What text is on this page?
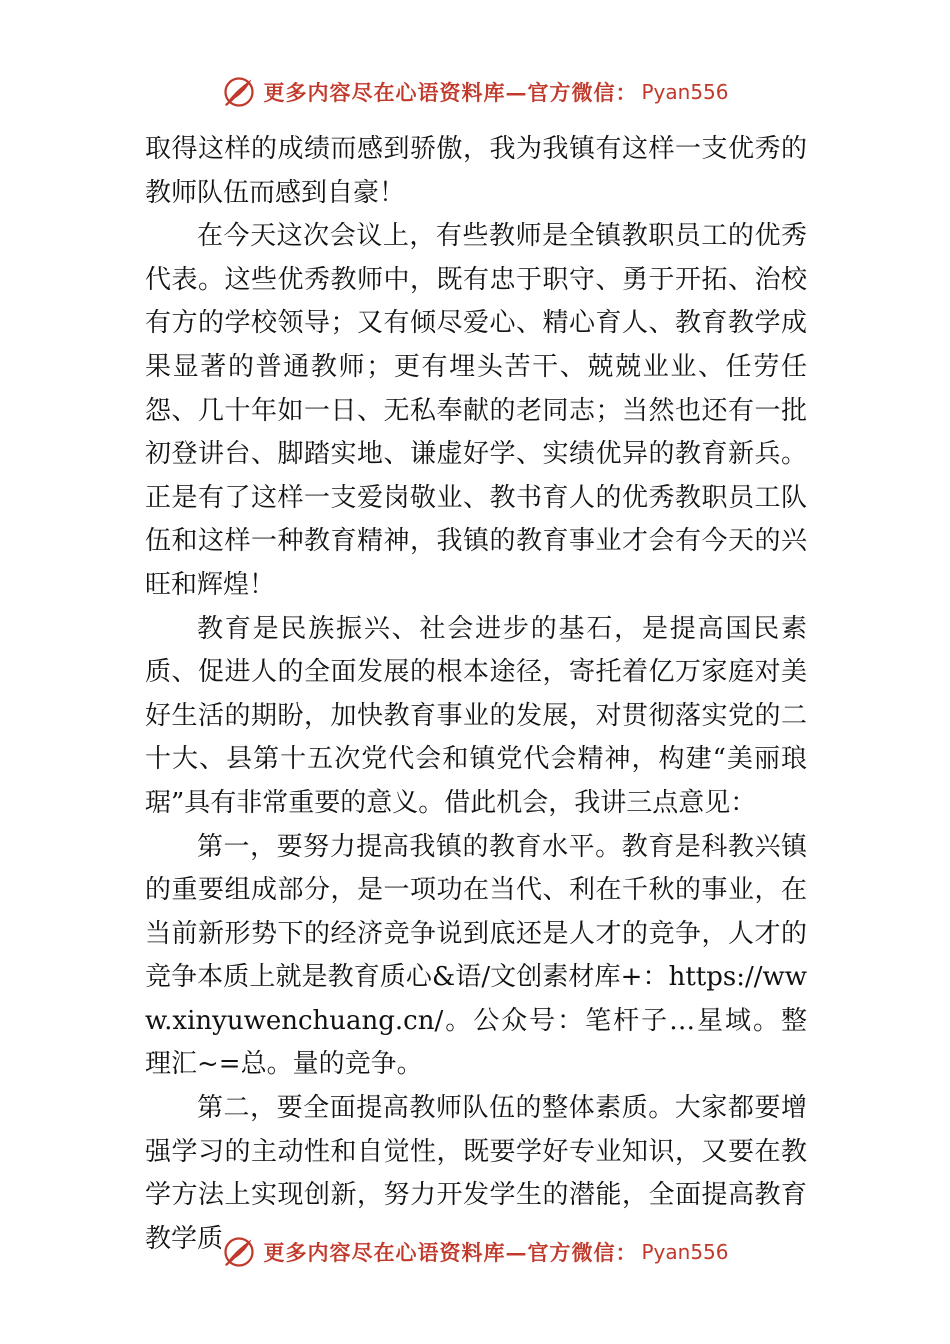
更多内容尽在心语资料库—官方微信： Pyan556

取得这样的成绩而感到骄傲，我为我镇有这样一支优秀的教师队伍而感到自豪！

在今天这次会议上，有些教师是全镇教职员工的优秀代表。这些优秀教师中，既有忠于职守、勇于开拓、治校有方的学校领导；又有倾尽爱心、精心育人、教育教学成果显著的普通教师；更有埋头苦干、兢兢业业、任劳任怨、几十年如一日、无私奉献的老同志；当然也还有一批初登讲台、脚踏实地、谦虚好学、实绩优异的教育新兵。正是有了这样一支爱岗敬业、教书育人的优秀教职员工队伍和这样一种教育精神，我镇的教育事业才会有今天的兴旺和辉煌！

教育是民族振兴、社会进步的基石，是提高国民素质、促进人的全面发展的根本途径，寄托着亿万家庭对美好生活的期盼，加快教育事业的发展，对贯彻落实党的二十大、县第十五次党代会和镇党代会精神，构建“美丽琅琚”具有非常重要的意义。借此机会，我讲三点意见：

第一，要努力提高我镇的教育水平。教育是科教兴镇的重要组成部分，是一项功在当代、利在千秋的事业，在当前新形势下的经济竞争说到底还是人才的竞争，人才的竞争本质上就是教育质心&语/文创素材库+：https://www.xinyuwenchuang.cn/。公众号：笔杆子…星域。整理汇~=总。量的竞争。

第二，要全面提高教师队伍的整体素质。大家都要增强学习的主动性和自觉性，既要学好专业知识，又要在教学方法上实现创新，努力开发学生的潜能，全面提高教育教学质	更多内容尽在心语资料库—官方微信： Pyan556
